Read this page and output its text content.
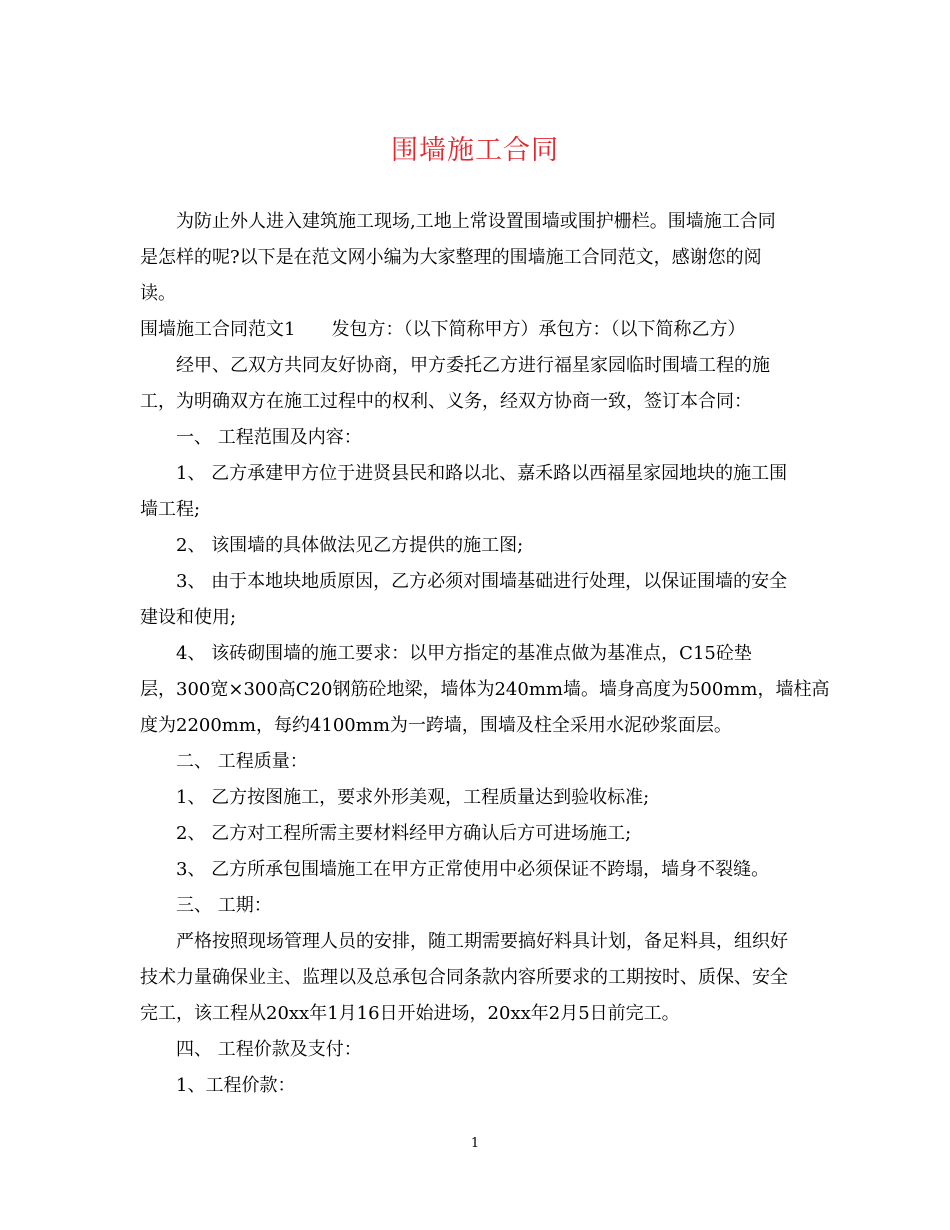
围墙施工合同
为防止外人进入建筑施工现场,工地上常设置围墙或围护栅栏。围墙施工合同
是怎样的呢?以下是在范文网小编为大家整理的围墙施工合同范文，感谢您的阅
读。
围墙施工合同范文1　　发包方：（以下简称甲方）承包方：（以下简称乙方）
经甲、乙双方共同友好协商，甲方委托乙方进行福星家园临时围墙工程的施
工，为明确双方在施工过程中的权利、义务，经双方协商一致，签订本合同：
一、 工程范围及内容：
1、 乙方承建甲方位于进贤县民和路以北、嘉禾路以西福星家园地块的施工围
墙工程;
2、 该围墙的具体做法见乙方提供的施工图;
3、 由于本地块地质原因，乙方必须对围墙基础进行处理，以保证围墙的安全
建设和使用;
4、 该砖砌围墙的施工要求：以甲方指定的基准点做为基准点，C15砼垫
层，300宽×300高C20钢筋砼地梁，墙体为240mm墙。墙身高度为500mm，墙柱高
度为2200mm，每约4100mm为一跨墙，围墙及柱全采用水泥砂浆面层。
二、 工程质量：
1、 乙方按图施工，要求外形美观，工程质量达到验收标准;
2、 乙方对工程所需主要材料经甲方确认后方可进场施工;
3、 乙方所承包围墙施工在甲方正常使用中必须保证不跨塌，墙身不裂缝。
三、 工期：
严格按照现场管理人员的安排，随工期需要搞好料具计划，备足料具，组织好
技术力量确保业主、监理以及总承包合同条款内容所要求的工期按时、质保、安全
完工，该工程从20xx年1月16日开始进场，20xx年2月5日前完工。
四、 工程价款及支付：
1、工程价款：
1
